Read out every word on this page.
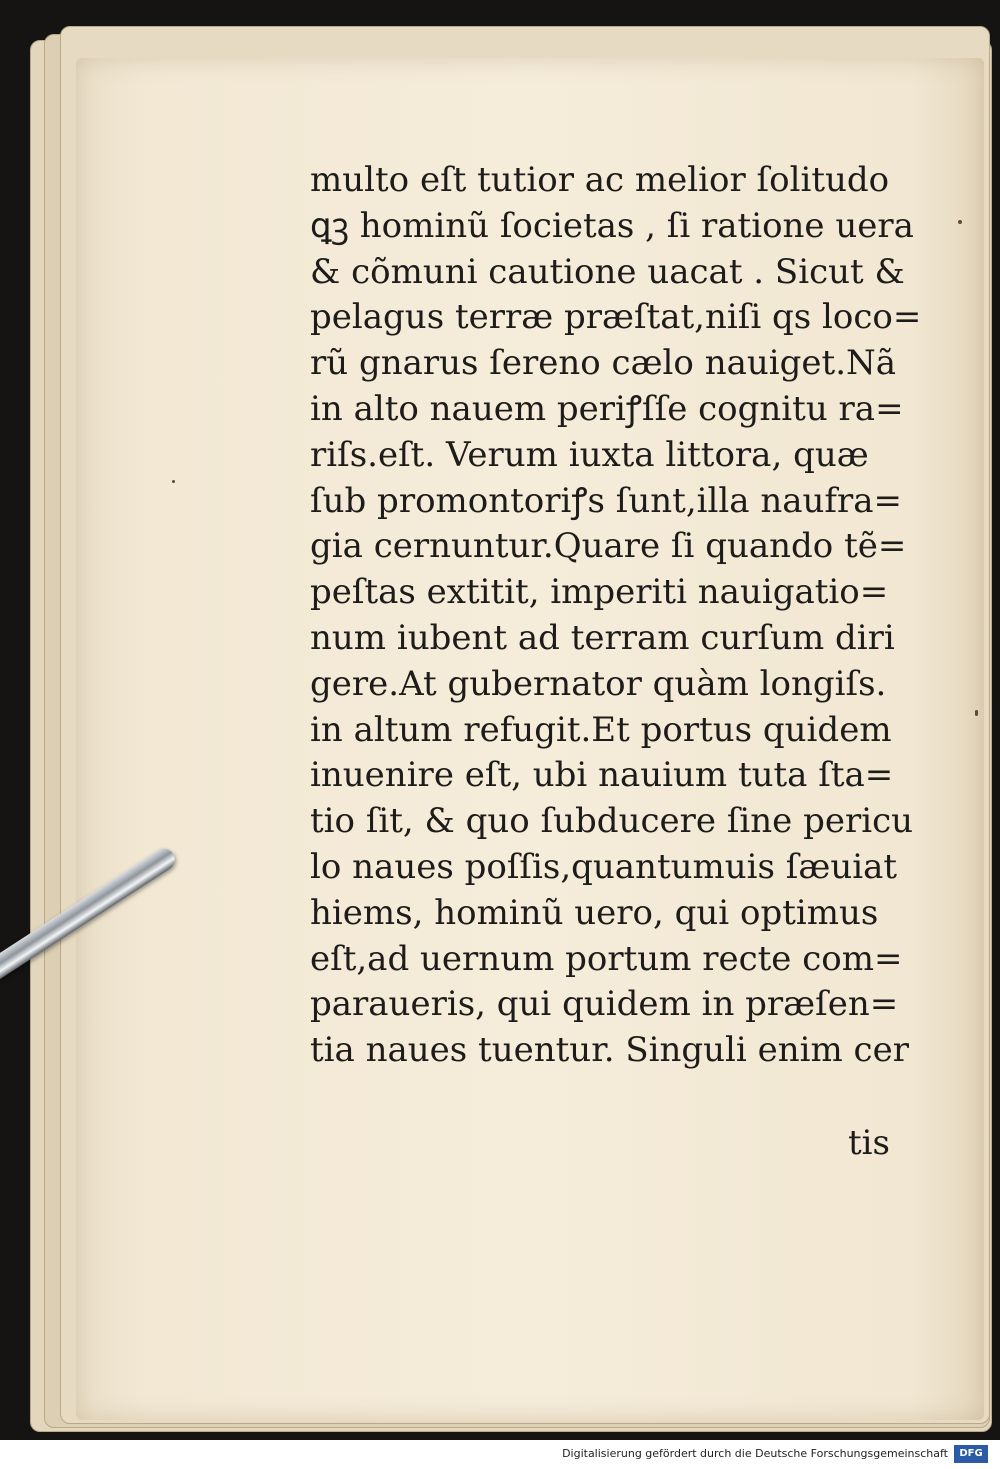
multo eſt tutior ac melior ſolitudo
ꝗꝫ hominũ ſocietas , ſi ratione uera
& cõmuni cautione uacat . Sicut &
pelagus terræ præſtat,niſi qs loco=
rũ gnarus ſereno cælo nauiget.Nã
in alto nauem periꝭſſe cognitu ra=
riſs.eſt. Verum iuxta littora, quæ
ſub promontoriꝭs ſunt,illa naufra=
gia cernuntur.Quare ſi quando tẽ=
peſtas extitit, imperiti nauigatio=
num iubent ad terram curſum diri
gere.At gubernator quàm longiſs.
in altum refugit.Et portus quidem
inuenire eſt, ubi nauium tuta ſta=
tio ſit, & quo ſubducere ſine pericu
lo naues poſſis,quantumuis ſæuiat
hiems, hominũ uero, qui optimus
eſt,ad uernum portum recte com=
paraueris, qui quidem in præſen=
tia naues tuentur. Singuli enim cer
tis
Digitalisierung gefördert durch die Deutsche Forschungsgemeinschaft	DFG
